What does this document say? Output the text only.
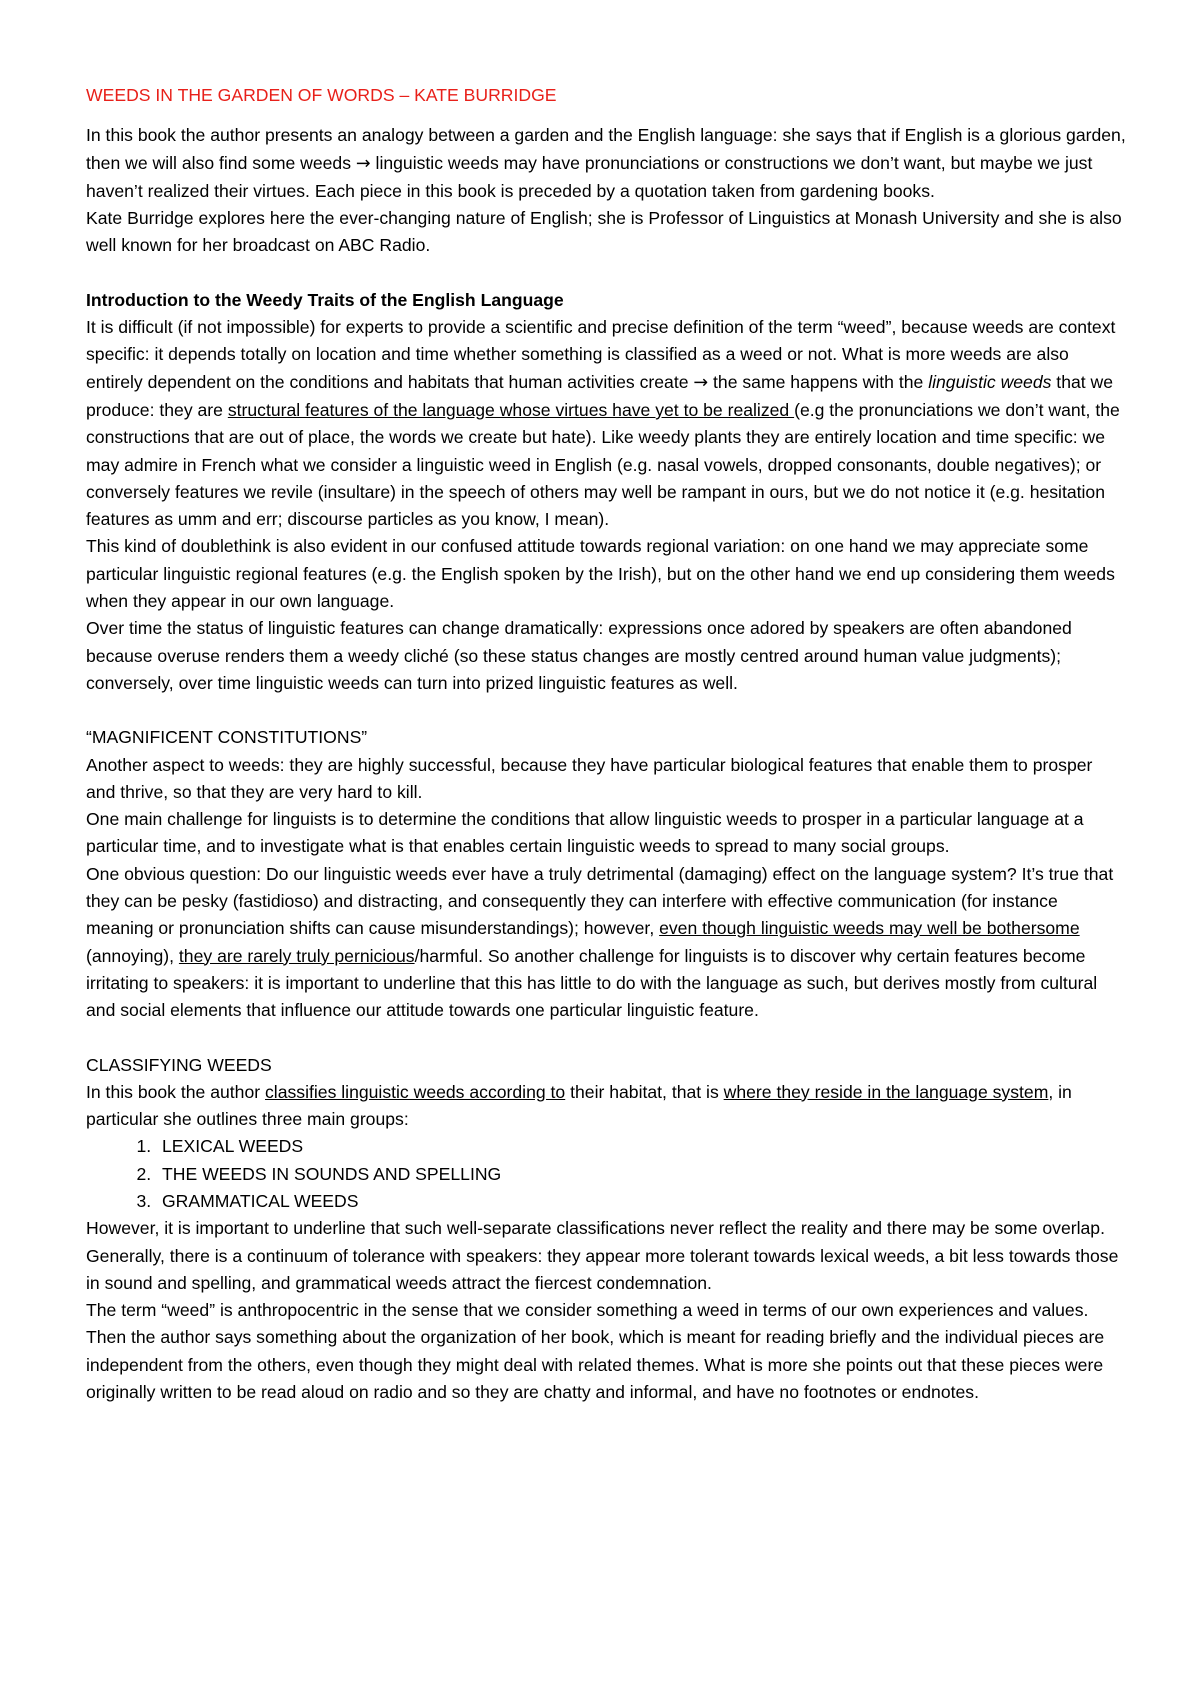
WEEDS IN THE GARDEN OF WORDS – KATE BURRIDGE

In this book the author presents an analogy between a garden and the English language: she says that if English is a glorious garden, then we will also find some weeds → linguistic weeds may have pronunciations or constructions we don’t want, but maybe we just haven’t realized their virtues. Each piece in this book is preceded by a quotation taken from gardening books.

Kate Burridge explores here the ever-changing nature of English; she is Professor of Linguistics at Monash University and she is also well known for her broadcast on ABC Radio.

Introduction to the Weedy Traits of the English Language

It is difficult (if not impossible) for experts to provide a scientific and precise definition of the term “weed”, because weeds are context specific: it depends totally on location and time whether something is classified as a weed or not. What is more weeds are also entirely dependent on the conditions and habitats that human activities create → the same happens with the linguistic weeds that we produce: they are structural features of the language whose virtues have yet to be realized (e.g the pronunciations we don’t want, the constructions that are out of place, the words we create but hate). Like weedy plants they are entirely location and time specific: we may admire in French what we consider a linguistic weed in English (e.g. nasal vowels, dropped consonants, double negatives); or conversely features we revile (insultare) in the speech of others may well be rampant in ours, but we do not notice it (e.g. hesitation features as umm and err; discourse particles as you know, I mean).

This kind of doublethink is also evident in our confused attitude towards regional variation: on one hand we may appreciate some particular linguistic regional features (e.g. the English spoken by the Irish), but on the other hand we end up considering them weeds when they appear in our own language.

Over time the status of linguistic features can change dramatically: expressions once adored by speakers are often abandoned because overuse renders them a weedy cliché (so these status changes are mostly centred around human value judgments); conversely, over time linguistic weeds can turn into prized linguistic features as well.

“MAGNIFICENT CONSTITUTIONS”

Another aspect to weeds: they are highly successful, because they have particular biological features that enable them to prosper and thrive, so that they are very hard to kill.

One main challenge for linguists is to determine the conditions that allow linguistic weeds to prosper in a particular language at a particular time, and to investigate what is that enables certain linguistic weeds to spread to many social groups.

One obvious question: Do our linguistic weeds ever have a truly detrimental (damaging) effect on the language system? It’s true that they can be pesky (fastidioso) and distracting, and consequently they can interfere with effective communication (for instance meaning or pronunciation shifts can cause misunderstandings); however, even though linguistic weeds may well be bothersome (annoying), they are rarely truly pernicious/harmful. So another challenge for linguists is to discover why certain features become irritating to speakers: it is important to underline that this has little to do with the language as such, but derives mostly from cultural and social elements that influence our attitude towards one particular linguistic feature.

CLASSIFYING WEEDS

In this book the author classifies linguistic weeds according to their habitat, that is where they reside in the language system, in particular she outlines three main groups:

1. LEXICAL WEEDS
2. THE WEEDS IN SOUNDS AND SPELLING
3. GRAMMATICAL WEEDS

However, it is important to underline that such well-separate classifications never reflect the reality and there may be some overlap.

Generally, there is a continuum of tolerance with speakers: they appear more tolerant towards lexical weeds, a bit less towards those in sound and spelling, and grammatical weeds attract the fiercest condemnation.

The term “weed” is anthropocentric in the sense that we consider something a weed in terms of our own experiences and values.

Then the author says something about the organization of her book, which is meant for reading briefly and the individual pieces are independent from the others, even though they might deal with related themes. What is more she points out that these pieces were originally written to be read aloud on radio and so they are chatty and informal, and have no footnotes or endnotes.
